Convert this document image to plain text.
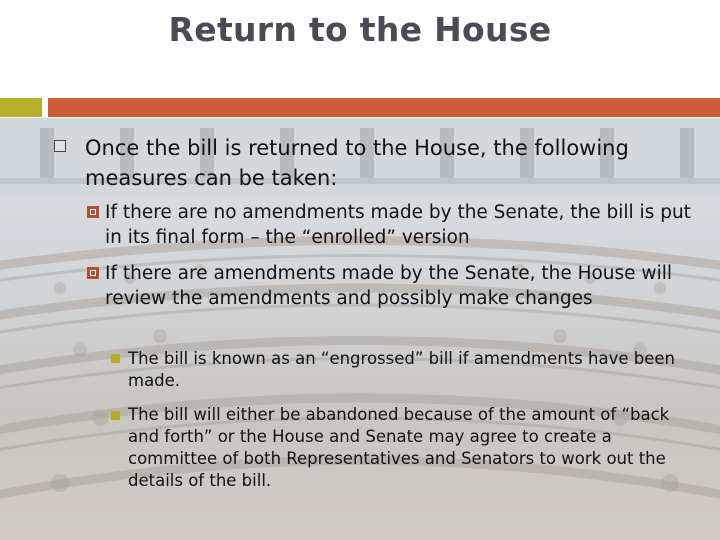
Return to the House
Once the bill is returned to the House, the following measures can be taken:
If there are no amendments made by the Senate, the bill is put in its final form – the “enrolled” version
If there are amendments made by the Senate, the House will review the amendments and possibly make changes
The bill is known as an “engrossed” bill if amendments have been made.
The bill will either be abandoned because of the amount of “back and forth” or the House and Senate may agree to create a committee of both Representatives and Senators to work out the details of the bill.
